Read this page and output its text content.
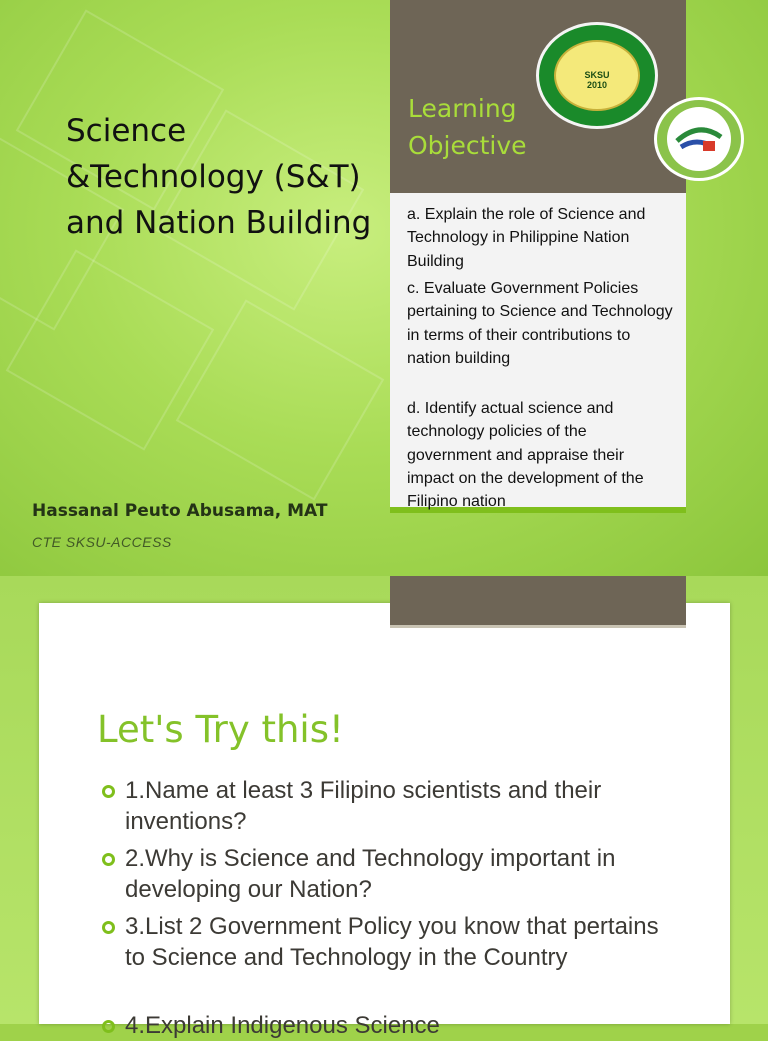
Science &Technology (S&T) and Nation Building
Hassanal Peuto Abusama, MAT
CTE SKSU-ACCESS
Learning Objective
SKSU
2010
a. Explain the role of Science and Technology in Philippine Nation Building
c. Evaluate Government Policies pertaining to Science and Technology in terms of their contributions to nation building
d. Identify actual science and technology policies of the government and appraise their impact on the development of the Filipino nation
Let's Try this!
1.Name at least 3 Filipino scientists and their inventions?
2.Why is Science and Technology important in developing our Nation?
3.List 2 Government Policy you know that pertains to Science and Technology in the Country
4.Explain Indigenous Science
